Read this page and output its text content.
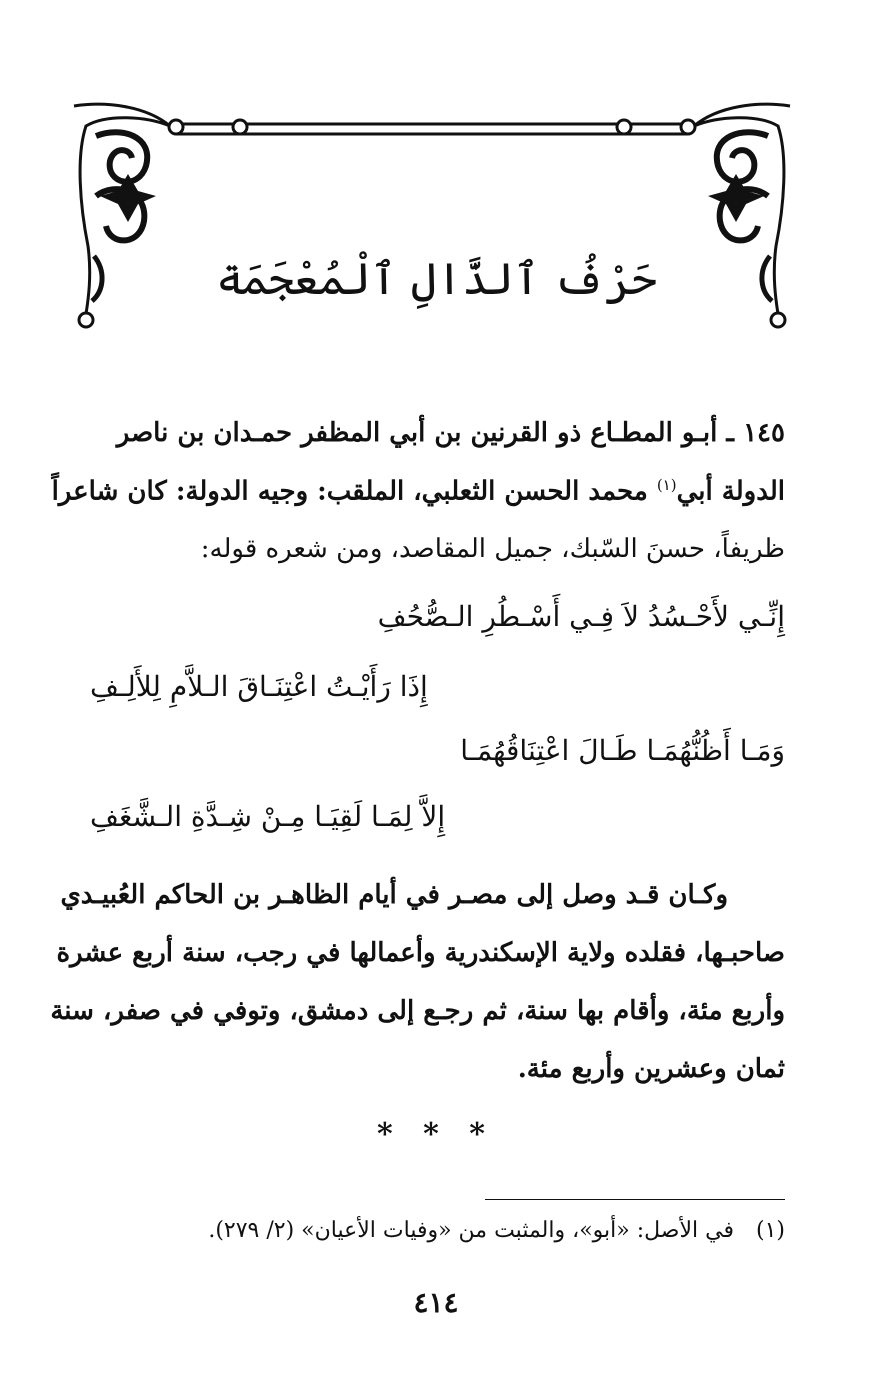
حَرْفُ ٱلذَّالِ ٱلْمُعْجَمَة
١٤٥ ـ أبـو المطـاع ذو القرنين بن أبي المظفر حمـدان بن ناصر
الدولة أبي$^{(١)}$ محمد الحسن الثعلبي، الملقب: وجيه الدولة: كان شاعراً
ظريفاً، حسنَ السّبك، جميل المقاصد، ومن شعره قوله:
إِنِّـي لأَحْـسُدُ لاَ فِـي أَسْـطُرِ الـصُّحُفِ
إِذَا رَأَيْـتُ اعْتِنَـاقَ الـلاَّمِ لِلأَلِـفِ
وَمَـا أَظُنُّهُمَـا طَـالَ اعْتِنَاقُهُمَـا
إِلاَّ لِمَـا لَقِيَـا مِـنْ شِـدَّةِ الـشَّغَفِ
وكـان قـد وصل إلى مصـر في أيام الظاهـر بن الحاكم العُبيـدي
صاحبـها، فقلده ولاية الإسكندرية وأعمالها في رجب، سنة أربع عشرة
وأربع مئة، وأقام بها سنة، ثم رجـع إلى دمشق، وتوفي في صفر، سنة
ثمان وعشرين وأربع مئة.
* * *
(١)في الأصل: «أبو»، والمثبت من «وفيات الأعيان» (٢/ ٢٧٩).
٤١٤
